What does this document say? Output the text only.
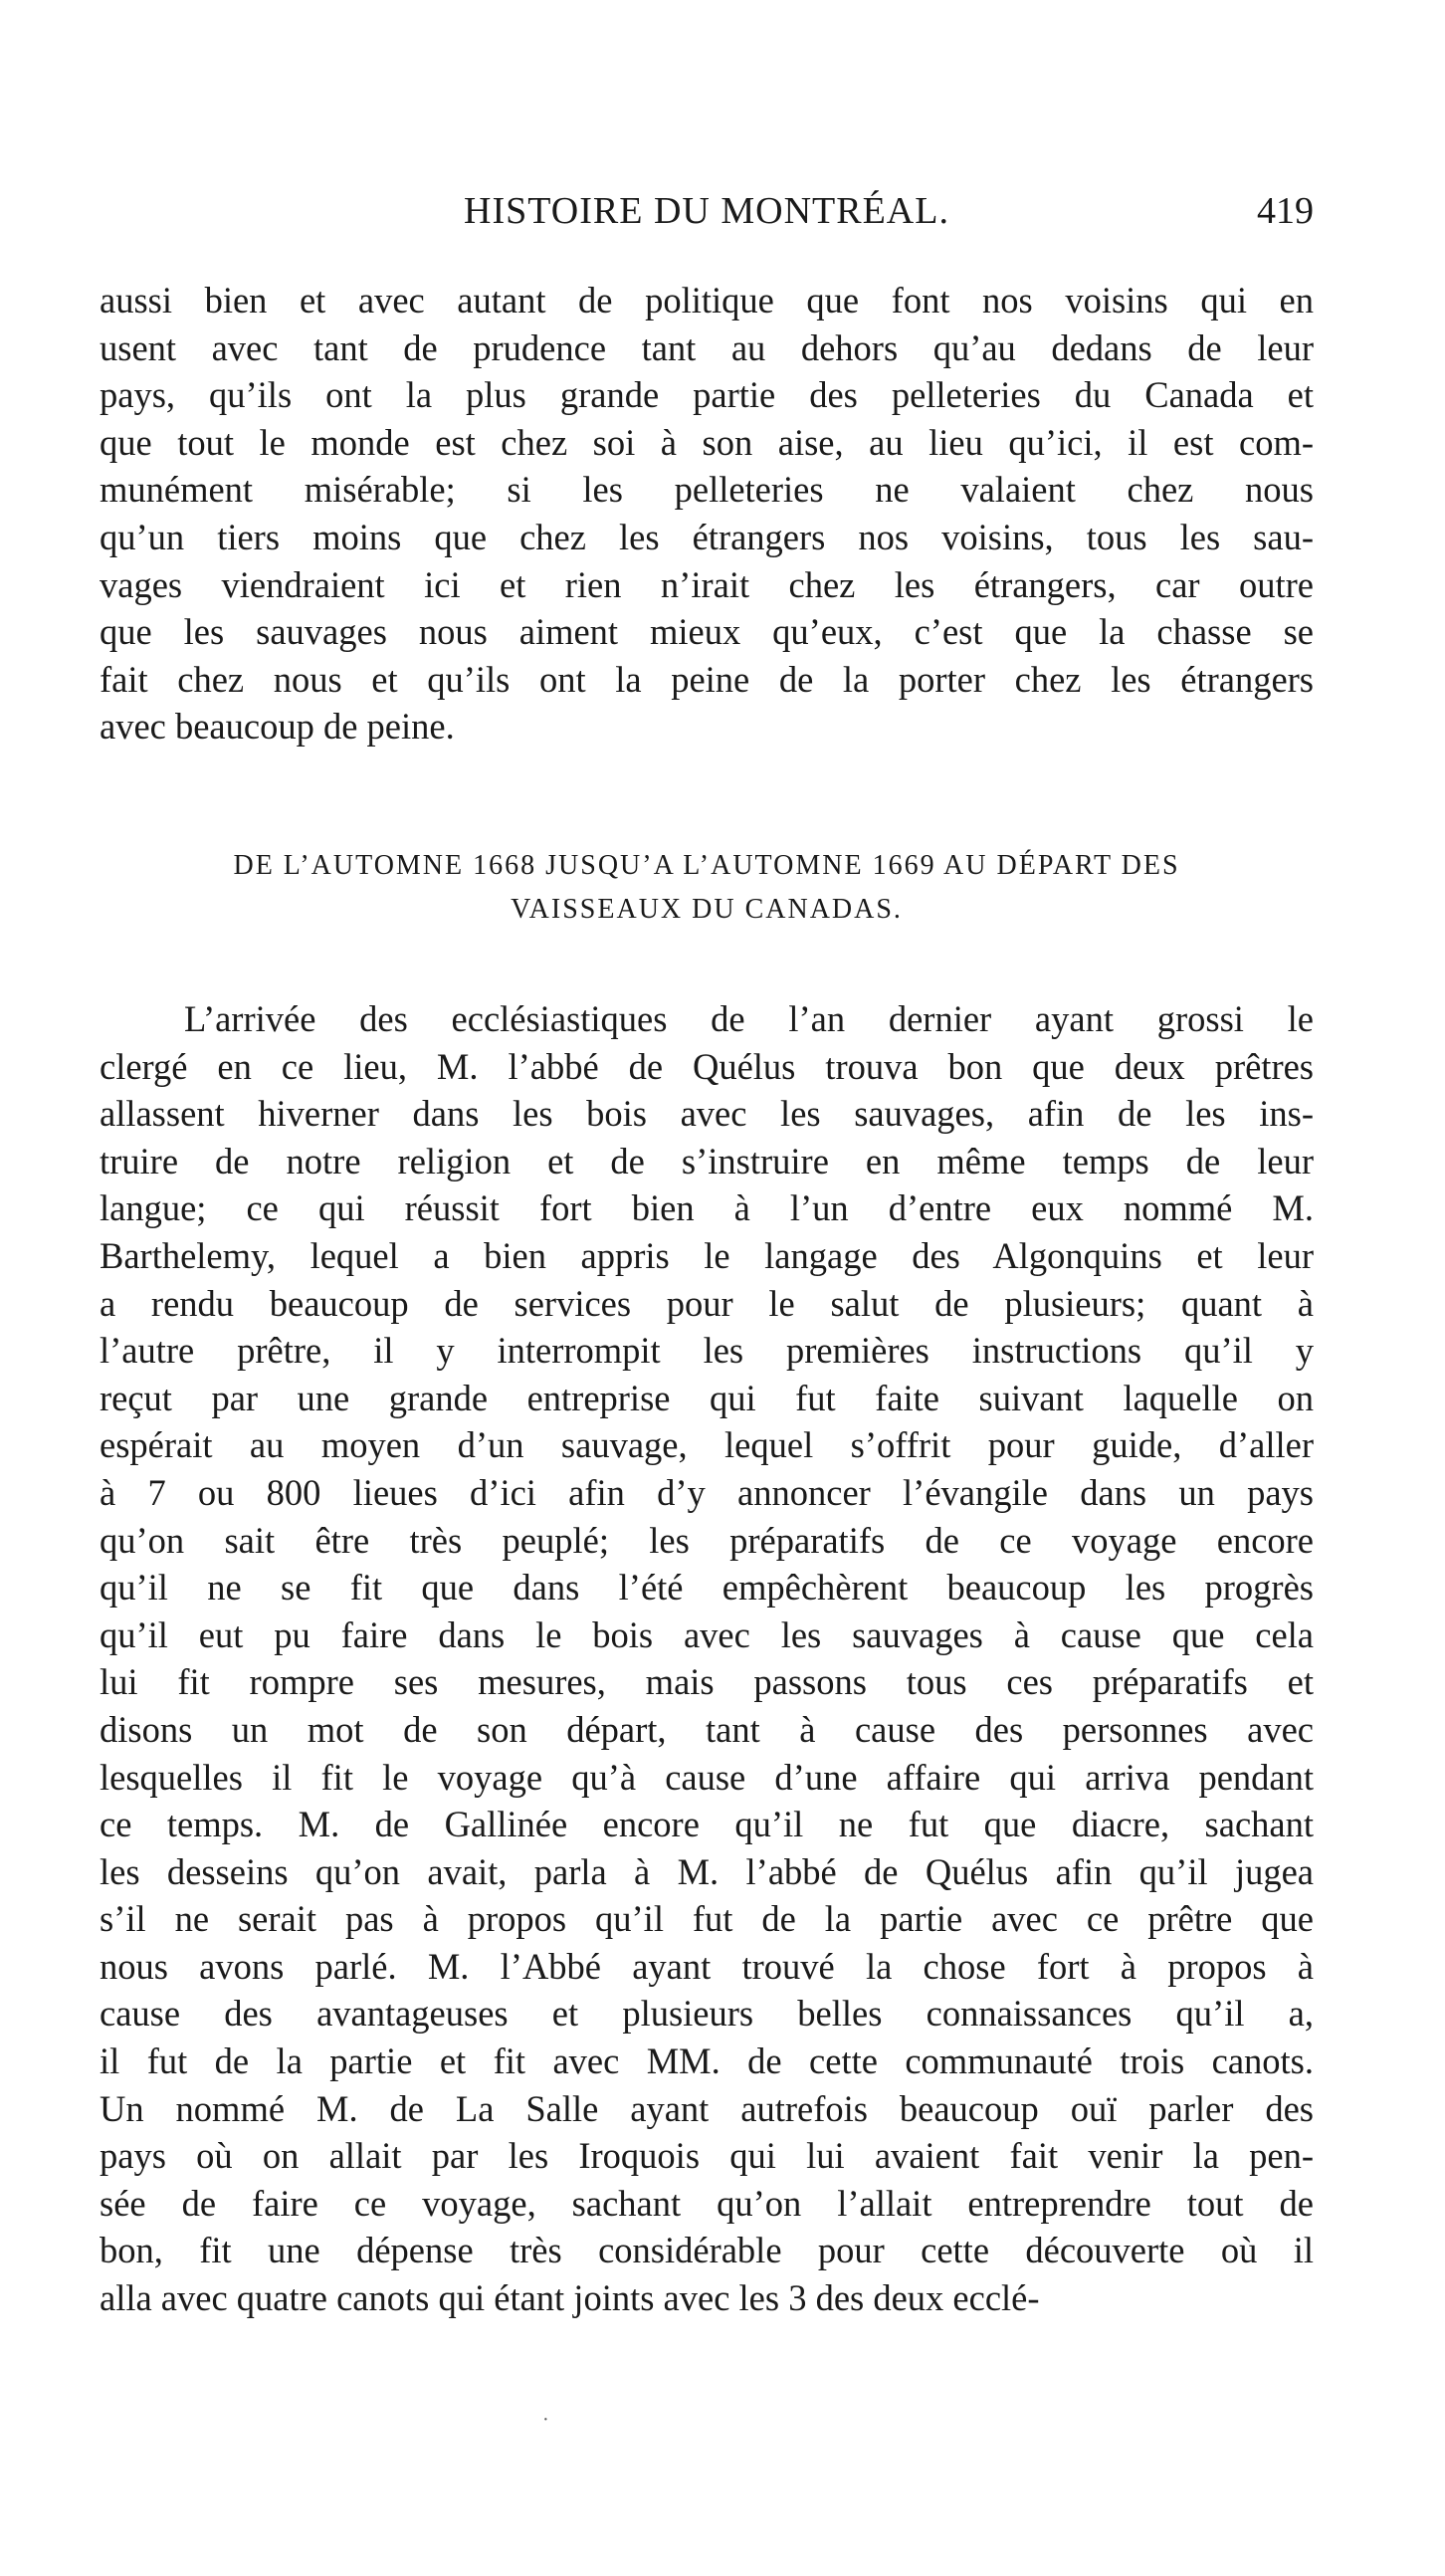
HISTOIRE DU MONTRÉAL.	419
aussi bien et avec autant de politique que font nos voisins qui en
usent avec tant de prudence tant au dehors qu’au dedans de leur
pays, qu’ils ont la plus grande partie des pelleteries du Canada et
que tout le monde est chez soi à son aise, au lieu qu’ici, il est com-
munément misérable; si les pelleteries ne valaient chez nous
qu’un tiers moins que chez les étrangers nos voisins, tous les sau-
vages viendraient ici et rien n’irait chez les étrangers, car outre
que les sauvages nous aiment mieux qu’eux, c’est que la chasse se
fait chez nous et qu’ils ont la peine de la porter chez les étrangers
avec beaucoup de peine.
DE L’AUTOMNE 1668 JUSQU’A L’AUTOMNE 1669 AU DÉPART DES
VAISSEAUX DU CANADAS.
L’arrivée des ecclésiastiques de l’an dernier ayant grossi le
clergé en ce lieu, M. l’abbé de Quélus trouva bon que deux prêtres
allassent hiverner dans les bois avec les sauvages, afin de les ins-
truire de notre religion et de s’instruire en même temps de leur
langue; ce qui réussit fort bien à l’un d’entre eux nommé M.
Barthelemy, lequel a bien appris le langage des Algonquins et leur
a rendu beaucoup de services pour le salut de plusieurs; quant à
l’autre prêtre, il y interrompit les premières instructions qu’il y
reçut par une grande entreprise qui fut faite suivant laquelle on
espérait au moyen d’un sauvage, lequel s’offrit pour guide, d’aller
à 7 ou 800 lieues d’ici afin d’y annoncer l’évangile dans un pays
qu’on sait être très peuplé; les préparatifs de ce voyage encore
qu’il ne se fit que dans l’été empêchèrent beaucoup les progrès
qu’il eut pu faire dans le bois avec les sauvages à cause que cela
lui fit rompre ses mesures, mais passons tous ces préparatifs et
disons un mot de son départ, tant à cause des personnes avec
lesquelles il fit le voyage qu’à cause d’une affaire qui arriva pendant
ce temps. M. de Gallinée encore qu’il ne fut que diacre, sachant
les desseins qu’on avait, parla à M. l’abbé de Quélus afin qu’il jugea
s’il ne serait pas à propos qu’il fut de la partie avec ce prêtre que
nous avons parlé. M. l’Abbé ayant trouvé la chose fort à propos à
cause des avantageuses et plusieurs belles connaissances qu’il a,
il fut de la partie et fit avec MM. de cette communauté trois canots.
Un nommé M. de La Salle ayant autrefois beaucoup ouï parler des
pays où on allait par les Iroquois qui lui avaient fait venir la pen-
sée de faire ce voyage, sachant qu’on l’allait entreprendre tout de
bon, fit une dépense très considérable pour cette découverte où il
alla avec quatre canots qui étant joints avec les 3 des deux ecclé-
·
